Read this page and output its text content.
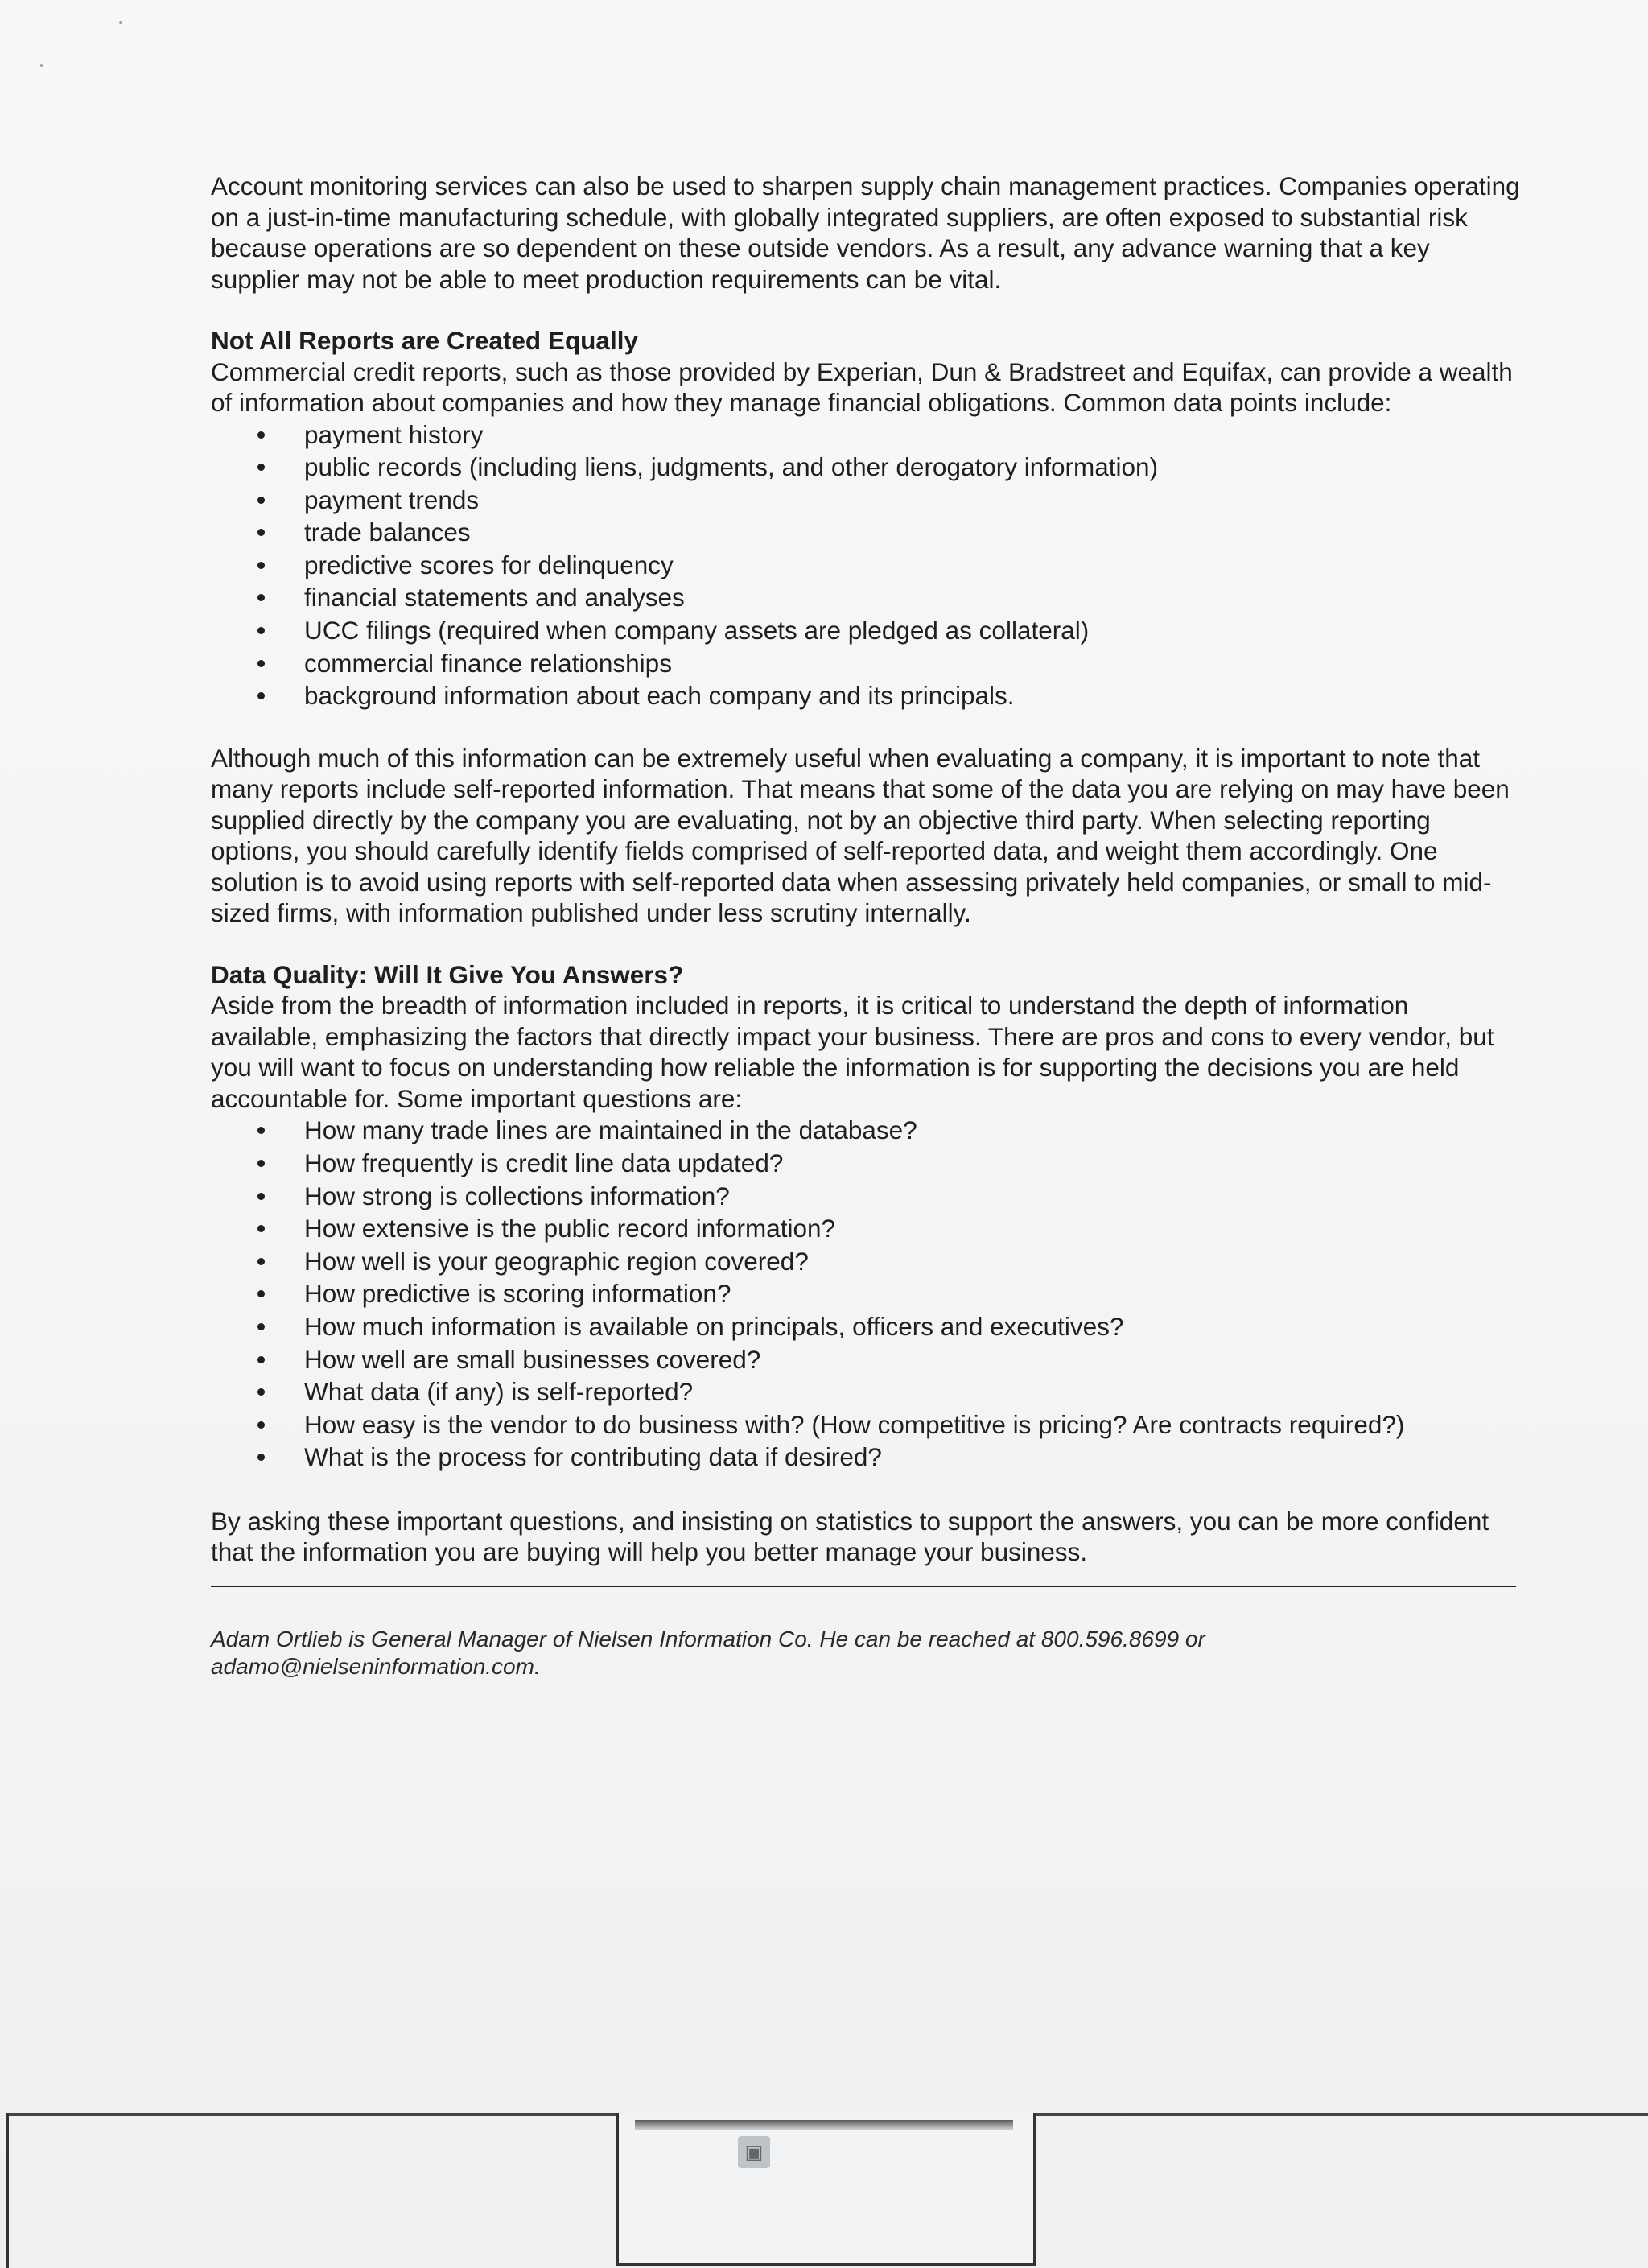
Account monitoring services can also be used to sharpen supply chain management practices. Companies operating on a just-in-time manufacturing schedule, with globally integrated suppliers, are often exposed to substantial risk because operations are so dependent on these outside vendors. As a result, any advance warning that a key supplier may not be able to meet production requirements can be vital.

Not All Reports are Created Equally

Commercial credit reports, such as those provided by Experian, Dun & Bradstreet and Equifax, can provide a wealth of information about companies and how they manage financial obligations. Common data points include:

payment history
public records (including liens, judgments, and other derogatory information)
payment trends
trade balances
predictive scores for delinquency
financial statements and analyses
UCC filings (required when company assets are pledged as collateral)
commercial finance relationships
background information about each company and its principals.

Although much of this information can be extremely useful when evaluating a company, it is important to note that many reports include self-reported information. That means that some of the data you are relying on may have been supplied directly by the company you are evaluating, not by an objective third party. When selecting reporting options, you should carefully identify fields comprised of self-reported data, and weight them accordingly. One solution is to avoid using reports with self-reported data when assessing privately held companies, or small to mid-sized firms, with information published under less scrutiny internally.

Data Quality: Will It Give You Answers?

Aside from the breadth of information included in reports, it is critical to understand the depth of information available, emphasizing the factors that directly impact your business. There are pros and cons to every vendor, but you will want to focus on understanding how reliable the information is for supporting the decisions you are held accountable for. Some important questions are:

How many trade lines are maintained in the database?
How frequently is credit line data updated?
How strong is collections information?
How extensive is the public record information?
How well is your geographic region covered?
How predictive is scoring information?
How much information is available on principals, officers and executives?
How well are small businesses covered?
What data (if any) is self-reported?
How easy is the vendor to do business with? (How competitive is pricing? Are contracts required?)
What is the process for contributing data if desired?

By asking these important questions, and insisting on statistics to support the answers, you can be more confident that the information you are buying will help you better manage your business.

Adam Ortlieb is General Manager of Nielsen Information Co. He can be reached at 800.596.8699 or adamo@nielseninformation.com.

▣
